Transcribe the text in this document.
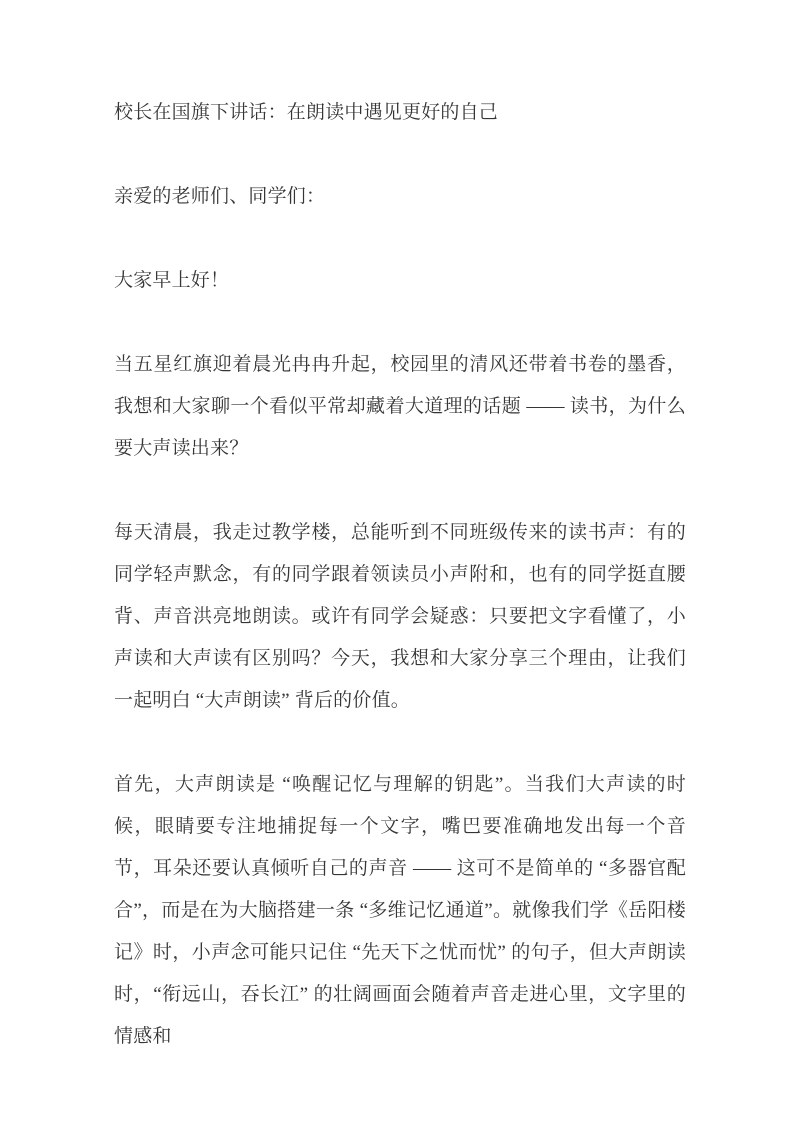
校长在国旗下讲话：在朗读中遇见更好的自己

亲爱的老师们、同学们：

大家早上好！

当五星红旗迎着晨光冉冉升起，校园里的清风还带着书卷的墨香，我想和大家聊一个看似平常却藏着大道理的话题 —— 读书，为什么要大声读出来？

每天清晨，我走过教学楼，总能听到不同班级传来的读书声：有的同学轻声默念，有的同学跟着领读员小声附和，也有的同学挺直腰背、声音洪亮地朗读。或许有同学会疑惑：只要把文字看懂了，小声读和大声读有区别吗？今天，我想和大家分享三个理由，让我们一起明白 “大声朗读” 背后的价值。

首先，大声朗读是 “唤醒记忆与理解的钥匙”。当我们大声读的时候，眼睛要专注地捕捉每一个文字，嘴巴要准确地发出每一个音节，耳朵还要认真倾听自己的声音 —— 这可不是简单的 “多器官配合”，而是在为大脑搭建一条 “多维记忆通道”。就像我们学《岳阳楼记》时，小声念可能只记住 “先天下之忧而忧” 的句子，但大声朗读时，“衔远山，吞长江” 的壮阔画面会随着声音走进心里，文字里的情感和
